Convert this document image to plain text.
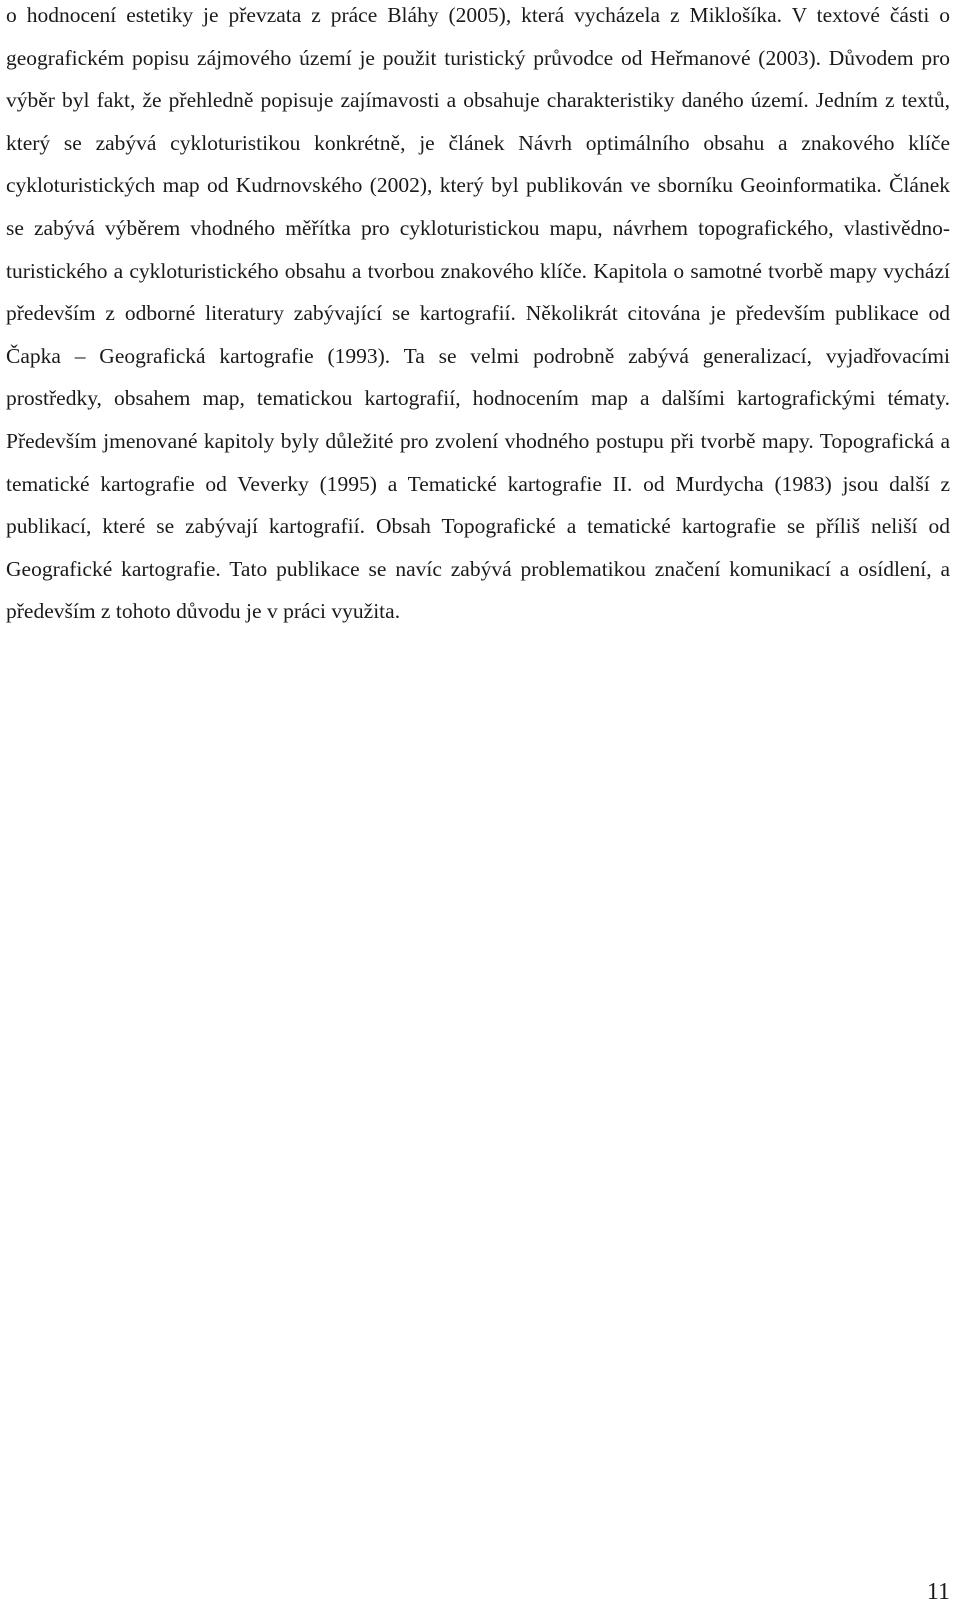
o hodnocení estetiky je převzata z práce Bláhy (2005), která vycházela z Miklošíka. V textové části o geografickém popisu zájmového území je použit turistický průvodce od Heřmanové (2003). Důvodem pro výběr byl fakt, že přehledně popisuje zajímavosti a obsahuje charakteristiky daného území. Jedním z textů, který se zabývá cykloturistikou konkrétně, je článek Návrh optimálního obsahu a znakového klíče cykloturistických map od Kudrnovského (2002), který byl publikován ve sborníku Geoinformatika. Článek se zabývá výběrem vhodného měřítka pro cykloturistickou mapu, návrhem topografického, vlastivědno-turistického a cykloturistického obsahu a tvorbou znakového klíče. Kapitola o samotné tvorbě mapy vychází především z odborné literatury zabývající se kartografií. Několikrát citována je především publikace od Čapka – Geografická kartografie (1993). Ta se velmi podrobně zabývá generalizací, vyjadřovacími prostředky, obsahem map, tematickou kartografií, hodnocením map a dalšími kartografickými tématy. Především jmenované kapitoly byly důležité pro zvolení vhodného postupu při tvorbě mapy. Topografická a tematické kartografie od Veverky (1995) a Tematické kartografie II. od Murdycha (1983) jsou další z publikací, které se zabývají kartografií. Obsah Topografické a tematické kartografie se příliš neliší od Geografické kartografie. Tato publikace se navíc zabývá problematikou značení komunikací a osídlení, a především z tohoto důvodu je v práci využita.

11
